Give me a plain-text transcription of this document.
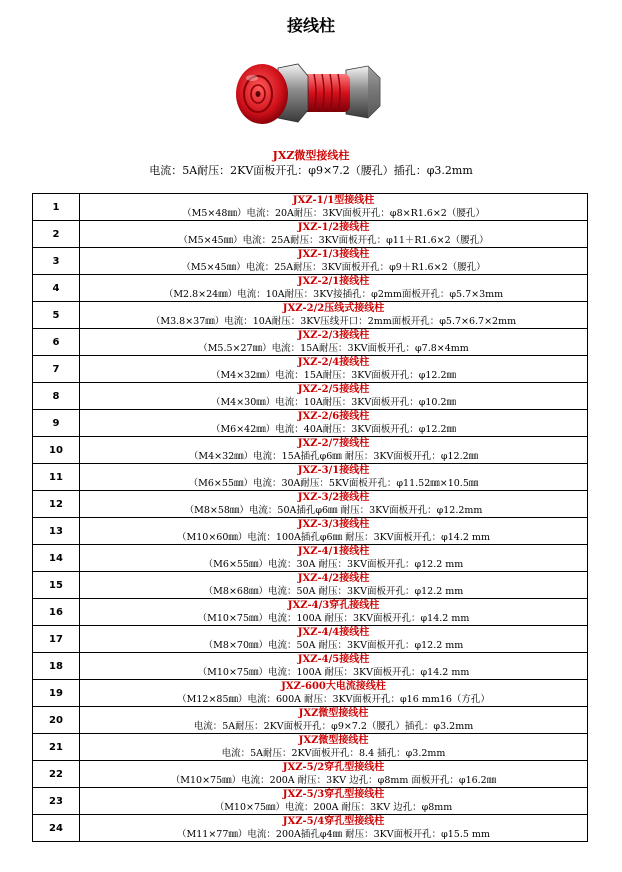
接线柱
JXZ微型接线柱
电流：5A耐压：2KV面板开孔：φ9×7.2（腰孔）插孔：φ3.2mm
1	JXZ-1/1型接线柱
（M5×48㎜）电流：20A耐压：3KV面板开孔：φ8×R1.6×2（腰孔）

2	JXZ-1/2接线柱
（M5×45㎜）电流：25A耐压：3KV面板开孔：φ11＋R1.6×2（腰孔）

3	JXZ-1/3接线柱
（M5×45㎜）电流：25A耐压：3KV面板开孔：φ9＋R1.6×2（腰孔）

4	JXZ-2/1接线柱
（M2.8×24㎜）电流：10A耐压：3KV接插孔：φ2mm面板开孔：φ5.7×3mm

5	JXZ-2/2压线式接线柱
（M3.8×37㎜）电流：10A耐压：3KV压线开口：2mm面板开孔：φ5.7×6.7×2mm

6	JXZ-2/3接线柱
（M5.5×27㎜）电流：15A耐压：3KV面板开孔：φ7.8×4mm

7	JXZ-2/4接线柱
（M4×32㎜）电流：15A耐压：3KV面板开孔：φ12.2㎜

8	JXZ-2/5接线柱
（M4×30㎜）电流：10A耐压：3KV面板开孔：φ10.2㎜

9	JXZ-2/6接线柱
（M6×42㎜）电流：40A耐压：3KV面板开孔：φ12.2㎜

10	JXZ-2/7接线柱
（M4×32㎜）电流：15A插孔φ6㎜ 耐压：3KV面板开孔：φ12.2㎜

11	JXZ-3/1接线柱
（M6×55㎜）电流：30A耐压：5KV面板开孔：φ11.52㎜×10.5㎜

12	JXZ-3/2接线柱
（M8×58㎜）电流：50A插孔φ6㎜ 耐压：3KV面板开孔：φ12.2mm

13	JXZ-3/3接线柱
（M10×60㎜）电流：100A插孔φ6㎜ 耐压：3KV面板开孔：φ14.2 mm

14	JXZ-4/1接线柱
（M6×55㎜）电流：30A 耐压：3KV面板开孔：φ12.2 mm

15	JXZ-4/2接线柱
（M8×68㎜）电流：50A 耐压：3KV面板开孔：φ12.2 mm

16	JXZ-4/3穿孔接线柱
（M10×75㎜）电流：100A 耐压：3KV面板开孔：φ14.2 mm

17	JXZ-4/4接线柱
（M8×70㎜）电流：50A 耐压：3KV面板开孔：φ12.2 mm

18	JXZ-4/5接线柱
（M10×75㎜）电流：100A 耐压：3KV面板开孔：φ14.2 mm

19	JXZ-600大电流接线柱
（M12×85㎜）电流：600A 耐压：3KV面板开孔：φ16 mm16（方孔）

20	JXZ微型接线柱
电流：5A耐压：2KV面板开孔：φ9×7.2（腰孔）插孔：φ3.2mm

21	JXZ微型接线柱
电流：5A耐压：2KV面板开孔：8.4 插孔：φ3.2mm

22	JXZ-5/2穿孔型接线柱
（M10×75㎜）电流：200A 耐压：3KV 边孔：φ8mm 面板开孔：φ16.2㎜

23	JXZ-5/3穿孔型接线柱
（M10×75㎜）电流：200A 耐压：3KV 边孔：φ8mm

24	JXZ-5/4穿孔型接线柱
（M11×77㎜）电流：200A插孔φ4㎜ 耐压：3KV面板开孔：φ15.5 mm
